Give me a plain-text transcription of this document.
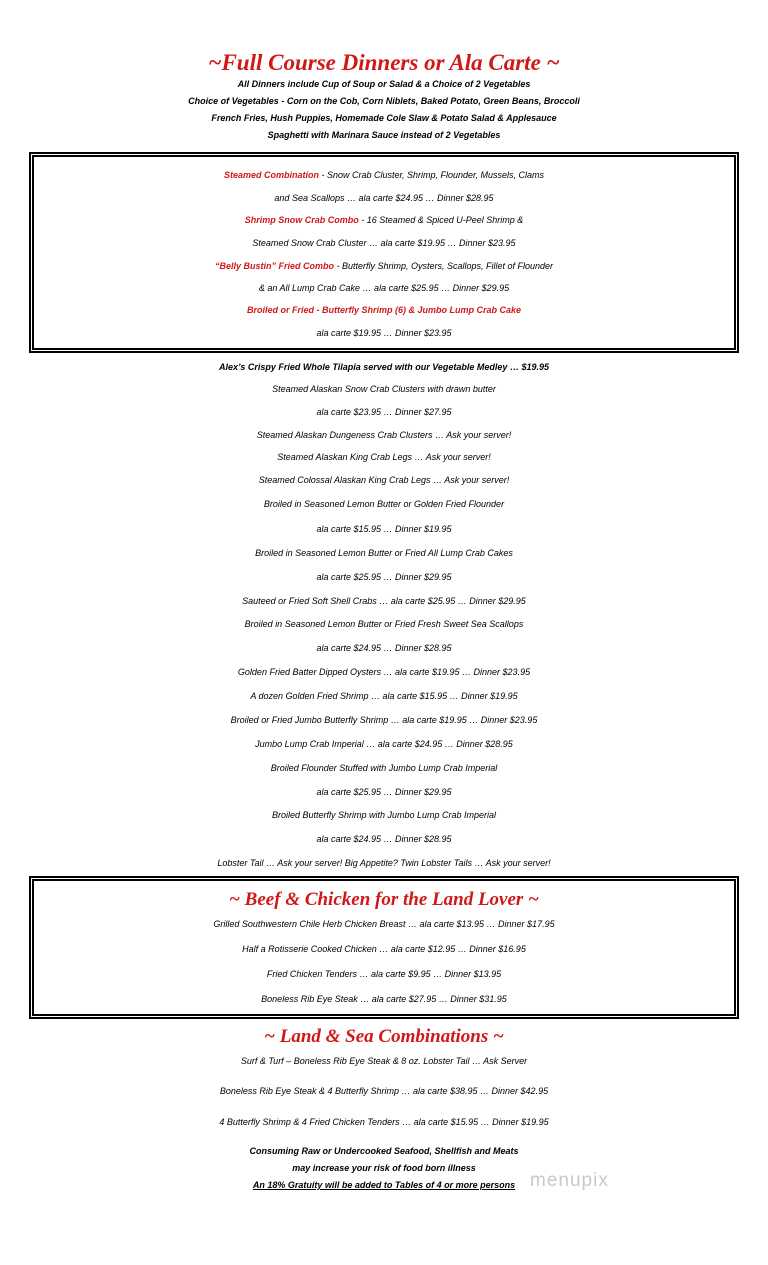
~Full Course Dinners or Ala Carte ~
All Dinners include Cup of Soup or Salad & a Choice of 2 Vegetables
Choice of Vegetables - Corn on the Cob, Corn Niblets, Baked Potato, Green Beans, Broccoli
French Fries, Hush Puppies, Homemade Cole Slaw & Potato Salad & Applesauce
Spaghetti with Marinara Sauce instead of 2 Vegetables
Steamed Combination - Snow Crab Cluster, Shrimp, Flounder, Mussels, Clams
and Sea Scallops … ala carte $24.95 … Dinner $28.95
Shrimp Snow Crab Combo - 16 Steamed & Spiced U-Peel Shrimp &
Steamed Snow Crab Cluster … ala carte $19.95 … Dinner $23.95
“Belly Bustin” Fried Combo - Butterfly Shrimp, Oysters, Scallops, Fillet of Flounder
& an All Lump Crab Cake … ala carte $25.95 … Dinner $29.95
Broiled or Fried - Butterfly Shrimp (6) & Jumbo Lump Crab Cake
ala carte $19.95 … Dinner $23.95
Alex’s Crispy Fried Whole Tilapia served with our Vegetable Medley … $19.95
Steamed Alaskan Snow Crab Clusters with drawn butter
ala carte $23.95 … Dinner $27.95
Steamed Alaskan Dungeness Crab Clusters … Ask your server!
Steamed Alaskan King Crab Legs … Ask your server!
Steamed Colossal Alaskan King Crab Legs … Ask your server!
Broiled in Seasoned Lemon Butter or Golden Fried Flounder
ala carte $15.95 … Dinner $19.95
Broiled in Seasoned Lemon Butter or Fried All Lump Crab Cakes
ala carte $25.95 … Dinner $29.95
Sauteed or Fried Soft Shell Crabs … ala carte $25.95 … Dinner $29.95
Broiled in Seasoned Lemon Butter or Fried Fresh Sweet Sea Scallops
ala carte $24.95 … Dinner $28.95
Golden Fried Batter Dipped Oysters … ala carte $19.95 … Dinner $23.95
A dozen Golden Fried Shrimp … ala carte $15.95 … Dinner $19.95
Broiled or Fried Jumbo Butterfly Shrimp … ala carte $19.95 … Dinner $23.95
Jumbo Lump Crab Imperial … ala carte $24.95 … Dinner $28.95
Broiled Flounder Stuffed with Jumbo Lump Crab Imperial
ala carte $25.95 … Dinner $29.95
Broiled Butterfly Shrimp with Jumbo Lump Crab Imperial
ala carte $24.95 … Dinner $28.95
Lobster Tail … Ask your server! Big Appetite? Twin Lobster Tails … Ask your server!
~ Beef & Chicken for the Land Lover ~
Grilled Southwestern Chile Herb Chicken Breast … ala carte $13.95 … Dinner $17.95
Half a Rotisserie Cooked Chicken … ala carte $12.95 … Dinner $16.95
Fried Chicken Tenders … ala carte $9.95 … Dinner $13.95
Boneless Rib Eye Steak … ala carte $27.95 … Dinner $31.95
~ Land & Sea Combinations ~
Surf & Turf – Boneless Rib Eye Steak & 8 oz. Lobster Tail … Ask Server
Boneless Rib Eye Steak & 4 Butterfly Shrimp … ala carte $38.95 … Dinner $42.95
4 Butterfly Shrimp & 4 Fried Chicken Tenders … ala carte $15.95 … Dinner $19.95
Consuming Raw or Undercooked Seafood, Shellfish and Meats
may increase your risk of food born illness
An 18% Gratuity will be added to Tables of 4 or more persons menupix
